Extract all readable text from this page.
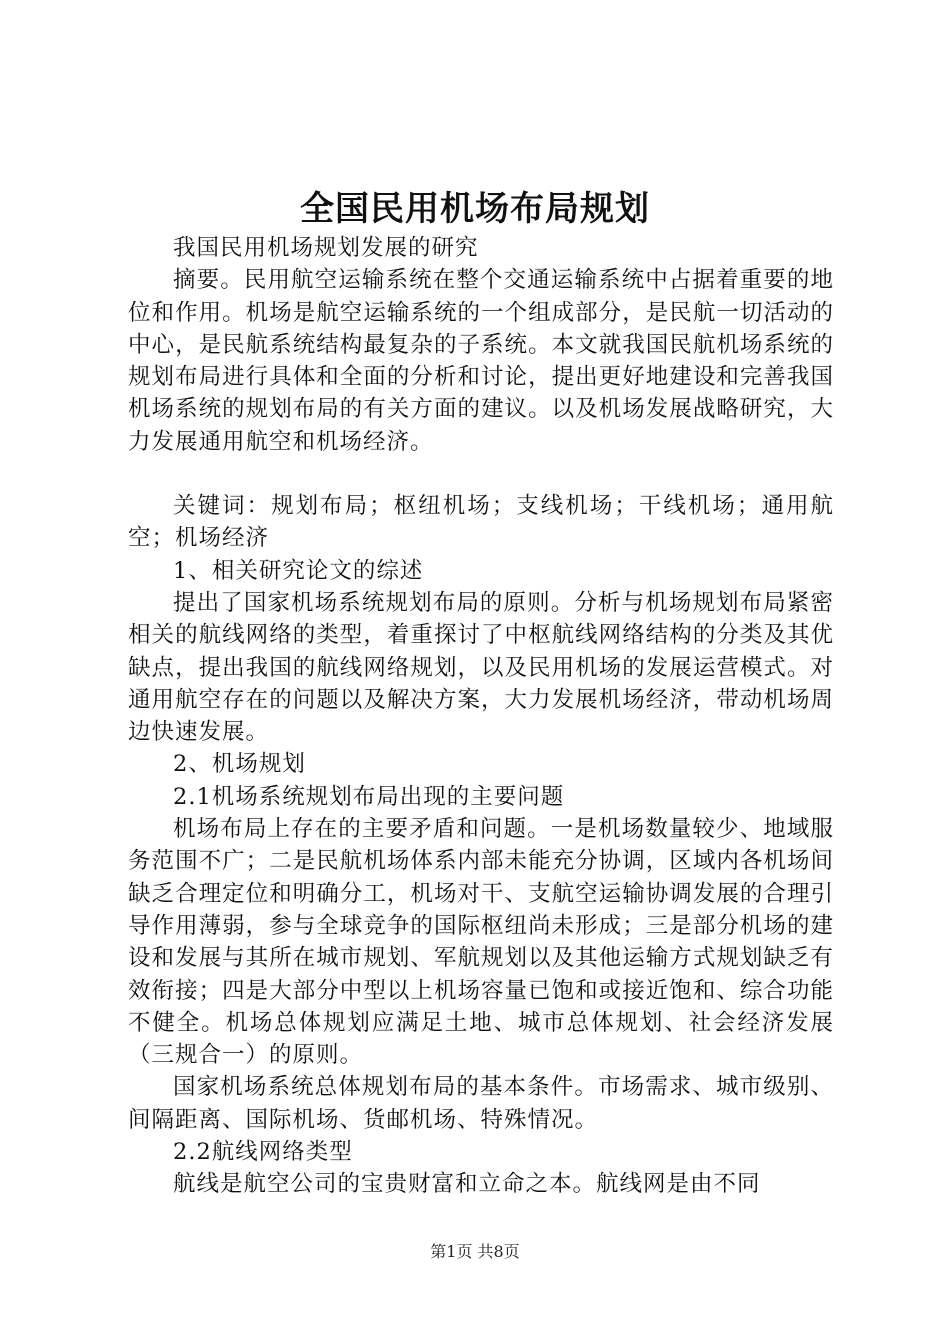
全国民用机场布局规划

我国民用机场规划发展的研究

摘要。民用航空运输系统在整个交通运输系统中占据着重要的地位和作用。机场是航空运输系统的一个组成部分，是民航一切活动的中心，是民航系统结构最复杂的子系统。本文就我国民航机场系统的规划布局进行具体和全面的分析和讨论，提出更好地建设和完善我国机场系统的规划布局的有关方面的建议。以及机场发展战略研究，大力发展通用航空和机场经济。

关键词：规划布局；枢纽机场；支线机场；干线机场；通用航空；机场经济

1、相关研究论文的综述

提出了国家机场系统规划布局的原则。分析与机场规划布局紧密相关的航线网络的类型，着重探讨了中枢航线网络结构的分类及其优缺点，提出我国的航线网络规划，以及民用机场的发展运营模式。对通用航空存在的问题以及解决方案，大力发展机场经济，带动机场周边快速发展。

2、机场规划

2.1机场系统规划布局出现的主要问题

机场布局上存在的主要矛盾和问题。一是机场数量较少、地域服务范围不广；二是民航机场体系内部未能充分协调，区域内各机场间缺乏合理定位和明确分工，机场对干、支航空运输协调发展的合理引导作用薄弱，参与全球竞争的国际枢纽尚未形成；三是部分机场的建设和发展与其所在城市规划、军航规划以及其他运输方式规划缺乏有效衔接；四是大部分中型以上机场容量已饱和或接近饱和、综合功能不健全。机场总体规划应满足土地、城市总体规划、社会经济发展（三规合一）的原则。

国家机场系统总体规划布局的基本条件。市场需求、城市级别、间隔距离、国际机场、货邮机场、特殊情况。

2.2航线网络类型

航线是航空公司的宝贵财富和立命之本。航线网是由不同

第1页 共8页
